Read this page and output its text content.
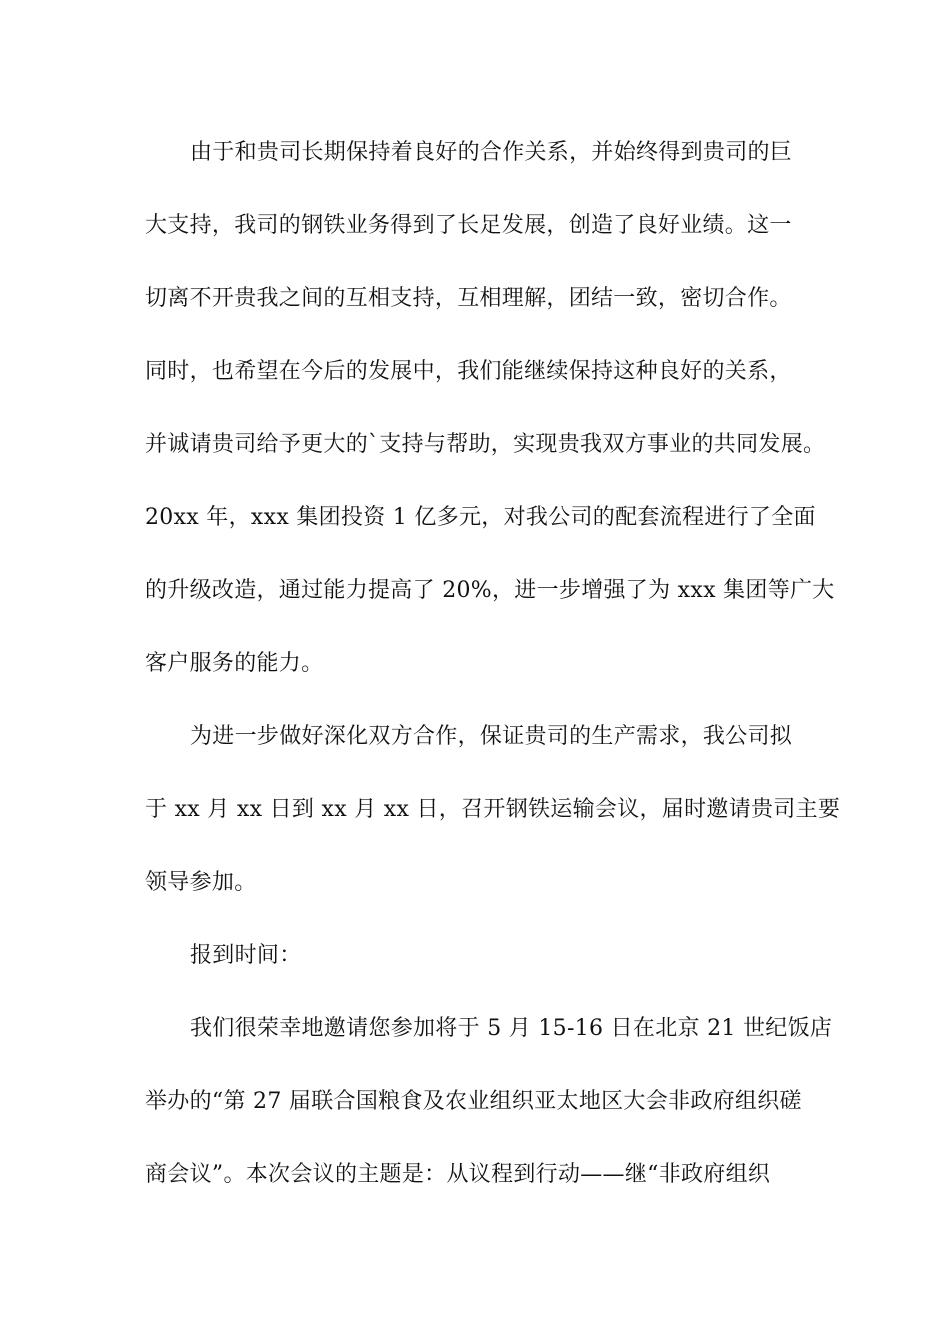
由于和贵司长期保持着良好的合作关系，并始终得到贵司的巨
大支持，我司的钢铁业务得到了长足发展，创造了良好业绩。这一
切离不开贵我之间的互相支持，互相理解，团结一致，密切合作。
同时，也希望在今后的发展中，我们能继续保持这种良好的关系，
并诚请贵司给予更大的`支持与帮助，实现贵我双方事业的共同发展。
20xx 年，xxx 集团投资 1 亿多元，对我公司的配套流程进行了全面
的升级改造，通过能力提高了 20%，进一步增强了为 xxx 集团等广大
客户服务的能力。
为进一步做好深化双方合作，保证贵司的生产需求，我公司拟
于 xx 月 xx 日到 xx 月 xx 日，召开钢铁运输会议，届时邀请贵司主要
领导参加。
报到时间：
我们很荣幸地邀请您参加将于 5 月 15-16 日在北京 21 世纪饭店
举办的“第 27 届联合国粮食及农业组织亚太地区大会非政府组织磋
商会议”。本次会议的主题是：从议程到行动——继“非政府组织
